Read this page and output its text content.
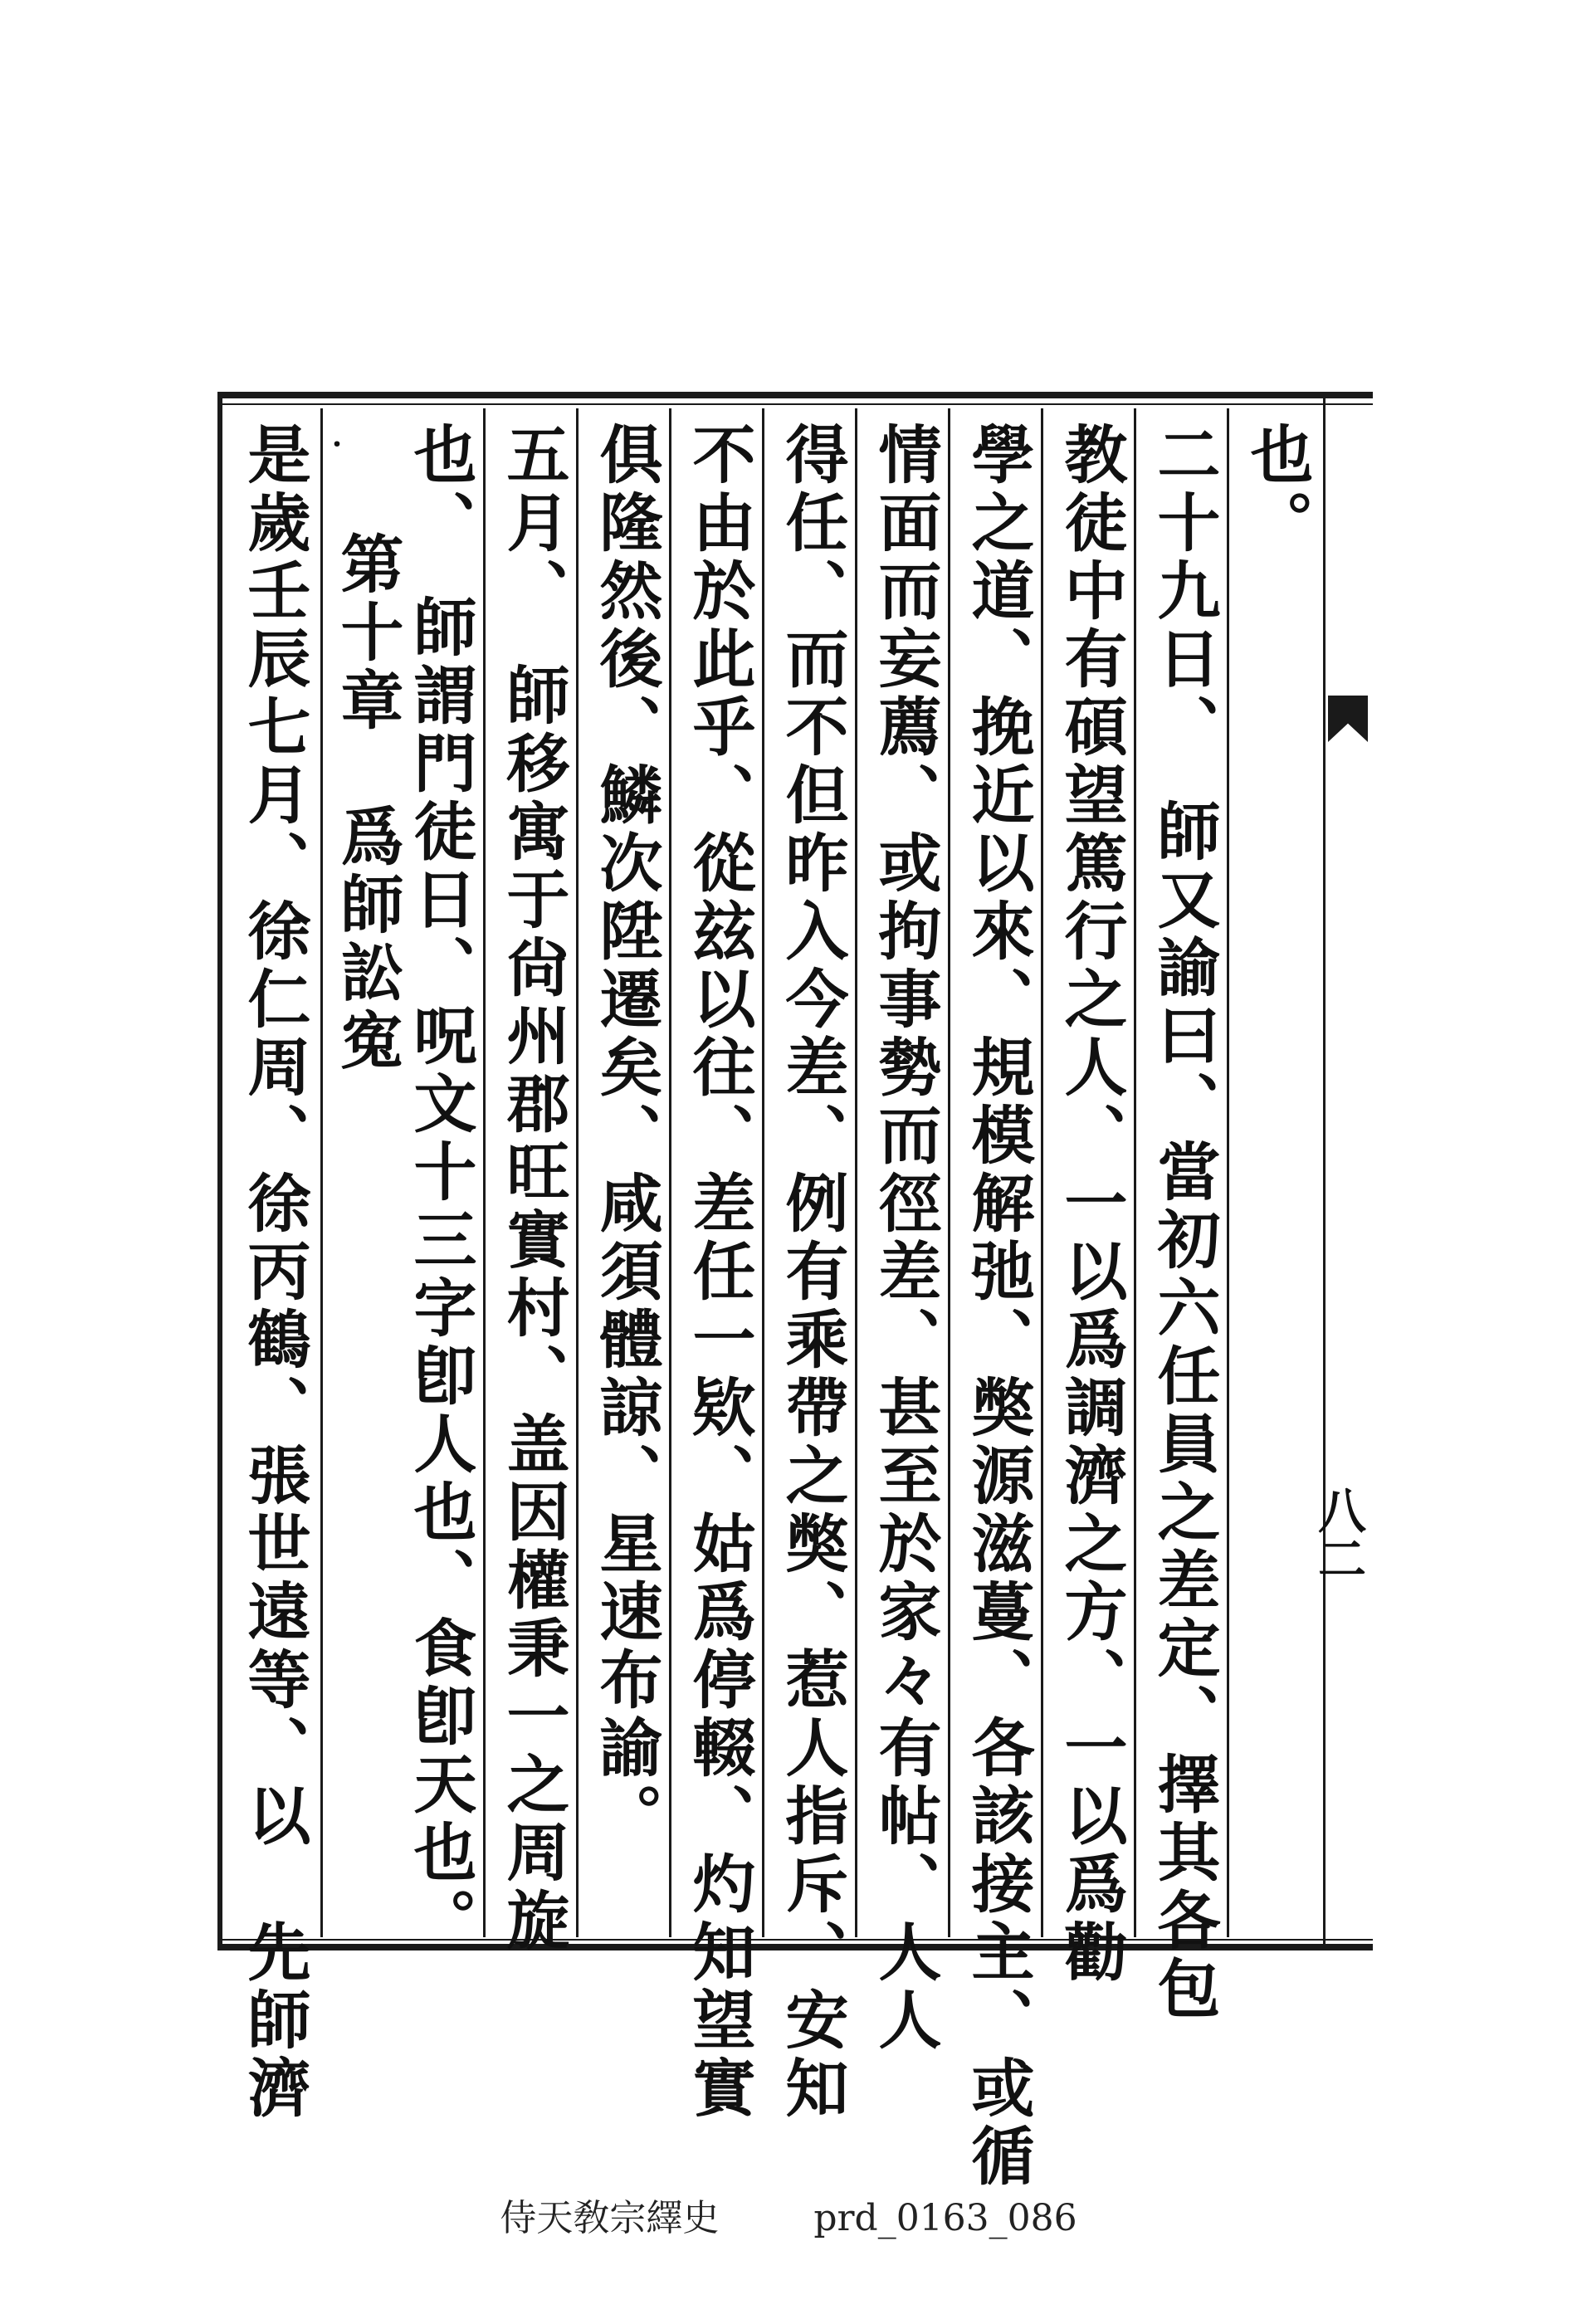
八二
也。
二十九日、　師又諭曰、當初六任員之差定、擇其各包
教徒中有碩望篤行之人、一以爲調濟之方、一以爲勸
學之道、挽近以來、規模解弛、獘源滋蔓、各該接主、或循
情面而妄薦、或拘事勢而徑差、甚至於家々有帖、人人
得任、而不但昨入今差、例有乘帶之獘、惹人指斥、安知
不由於此乎、從玆以往、差任一欵、姑爲停輟、灼知望實
俱隆然後、鱗次陞遷矣、咸須體諒、星速布諭。
五月、　師移寓于尙州郡旺實村、盖因權秉一之周旋
也、　師謂門徒日、呪文十三字卽人也、食卽天也。
・
第十章　爲師訟寃
是歲壬辰七月、徐仁周、徐丙鶴、張世遠等、以　先師濟
侍天敎宗繹史	prd_0163_086
